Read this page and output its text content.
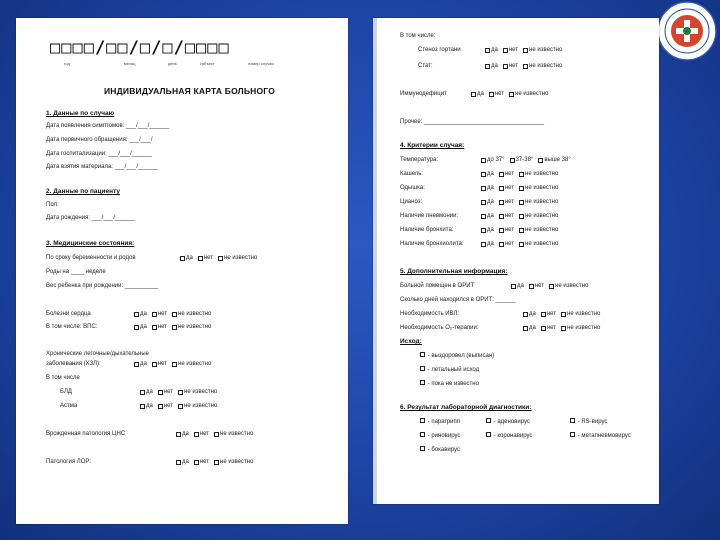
□□□□/□□/□/□/□□□□
год	месяц	день	субъект	номер случая
ИНДИВИДУАЛЬНАЯ КАРТА БОЛЬНОГО
1. Данные по случаю
Дата появления симптомов: ___/___/______
Дата первичного обращения: ___/___/
Дата госпитализации: ___/___/______
Дата взятия материала: ___/___/______
2. Данные по пациенту
Пол:
Дата рождения: ___/___/______
3. Медицинские состояния:
По сроку беременности и родов	да нет не известно
Роды на ____ неделе
Вес ребенка при рождении: __________
Болезни сердца	да нет не известно
В том числе: ВПС:	да нет не известно
Хронические легочные/дыхательные
заболевания (ХЗЛ):	да нет не известно
В том числе
БЛД	да нет не известно
Астма	да нет не известно
Врожденная патология ЦНС	да нет не известно
Патология ЛОР:	да нет не известно
В том числе:
Стеноз гортани	да нет не известно
Стат:	да нет не известно
Иммунодефицит	да нет не известно
Прочее: ____________________________________
4. Критерии случая:
Температура:	до 37° 37-38° выше 38°
Кашель:	да нет не известно
Одышка:	да нет не известно
Цианоз:	да нет не известно
Наличие пневмонии:	да нет не известно
Наличие бронхита:	да нет не известно
Наличие бронхиолита:	да нет не известно
5. Дополнительная информация:
Больной помещен в ОРИТ	да нет не известно
Сколько дней находился в ОРИТ: ______
Необходимость ИВЛ:	да нет не известно
Необходимость O₂-терапии:	да нет не известно
Исход:
- выздоровел (выписан)
- летальный исход
- пока не известно
6. Результат лабораторной диагностики:
- парагрипп	- аденовирус	- RS-вирус
- риновирус	- коронавирус	- метапневмовирус
- бокавирус
